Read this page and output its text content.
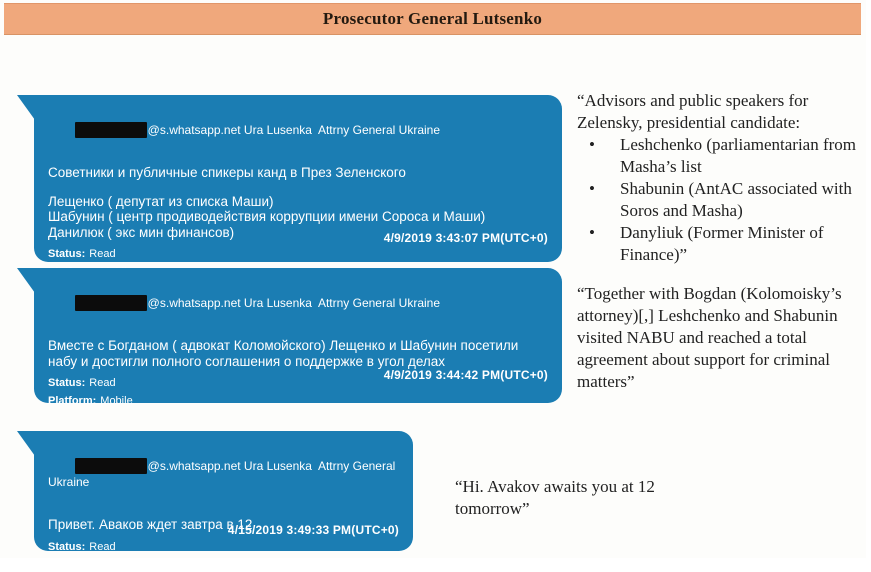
Prosecutor General Lutsenko

@s.whatsapp.net Ura Lusenka  Attrny General Ukraine

Советники и публичные спикеры канд в През Зеленского
Лещенко ( депутат из списка Маши)
Шабунин ( центр продиводействия коррупции имени Сороса и Маши)
Данилюк ( экс мин финансов)
Status: Read
4/9/2019 3:43:07 PM(UTC+0)

@s.whatsapp.net Ura Lusenka  Attrny General Ukraine

Вместе с Богданом ( адвокат Коломойского) Лещенко и Шабунин посетили набу и достигли полного соглашения о поддержке в угол делах
Status: Read
Platform: Mobile
4/9/2019 3:44:42 PM(UTC+0)

@s.whatsapp.net Ura Lusenka  Attrny General Ukraine

Привет. Аваков ждет завтра в 12
Status: Read
Platform: Mobile
4/15/2019 3:49:33 PM(UTC+0)
“Advisors and public speakers for Zelensky, presidential candidate:
•	Leshchenko (parliamentarian from Masha’s list
•	Shabunin (AntAC associated with Soros and Masha)
•	Danyliuk (Former Minister of Finance)”
“Together with Bogdan (Kolomoisky’s attorney)[,] Leshchenko and Shabunin visited NABU and reached a total agreement about support for criminal matters”
“Hi. Avakov awaits you at 12 tomorrow”
